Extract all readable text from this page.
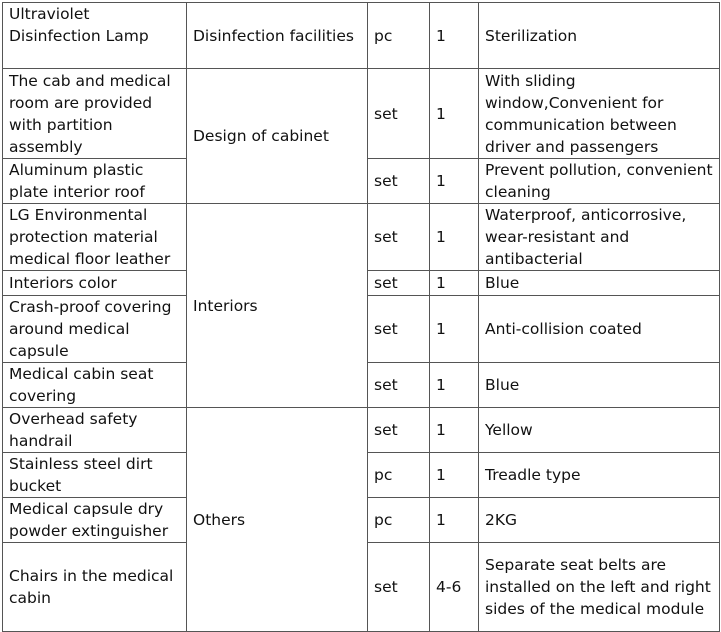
Ultraviolet Disinfection Lamp	Disinfection facilities	pc	1	Sterilization
The cab and medical room are provided with partition assembly	Design of cabinet	set	1	With sliding window,Convenient for communication between driver and passengers
Aluminum plastic plate interior roof		set	1	Prevent pollution, convenient cleaning
LG Environmental protection material medical floor leather	Interiors	set	1	Waterproof, anticorrosive, wear-resistant and antibacterial
Interiors color		set	1	Blue
Crash-proof covering around medical capsule		set	1	Anti-collision coated
Medical cabin seat covering		set	1	Blue
Overhead safety handrail	Others	set	1	Yellow
Stainless steel dirt bucket		pc	1	Treadle type
Medical capsule dry powder extinguisher		pc	1	2KG
Chairs in the medical cabin		set	4-6	Separate seat belts are installed on the left and right sides of the medical module
